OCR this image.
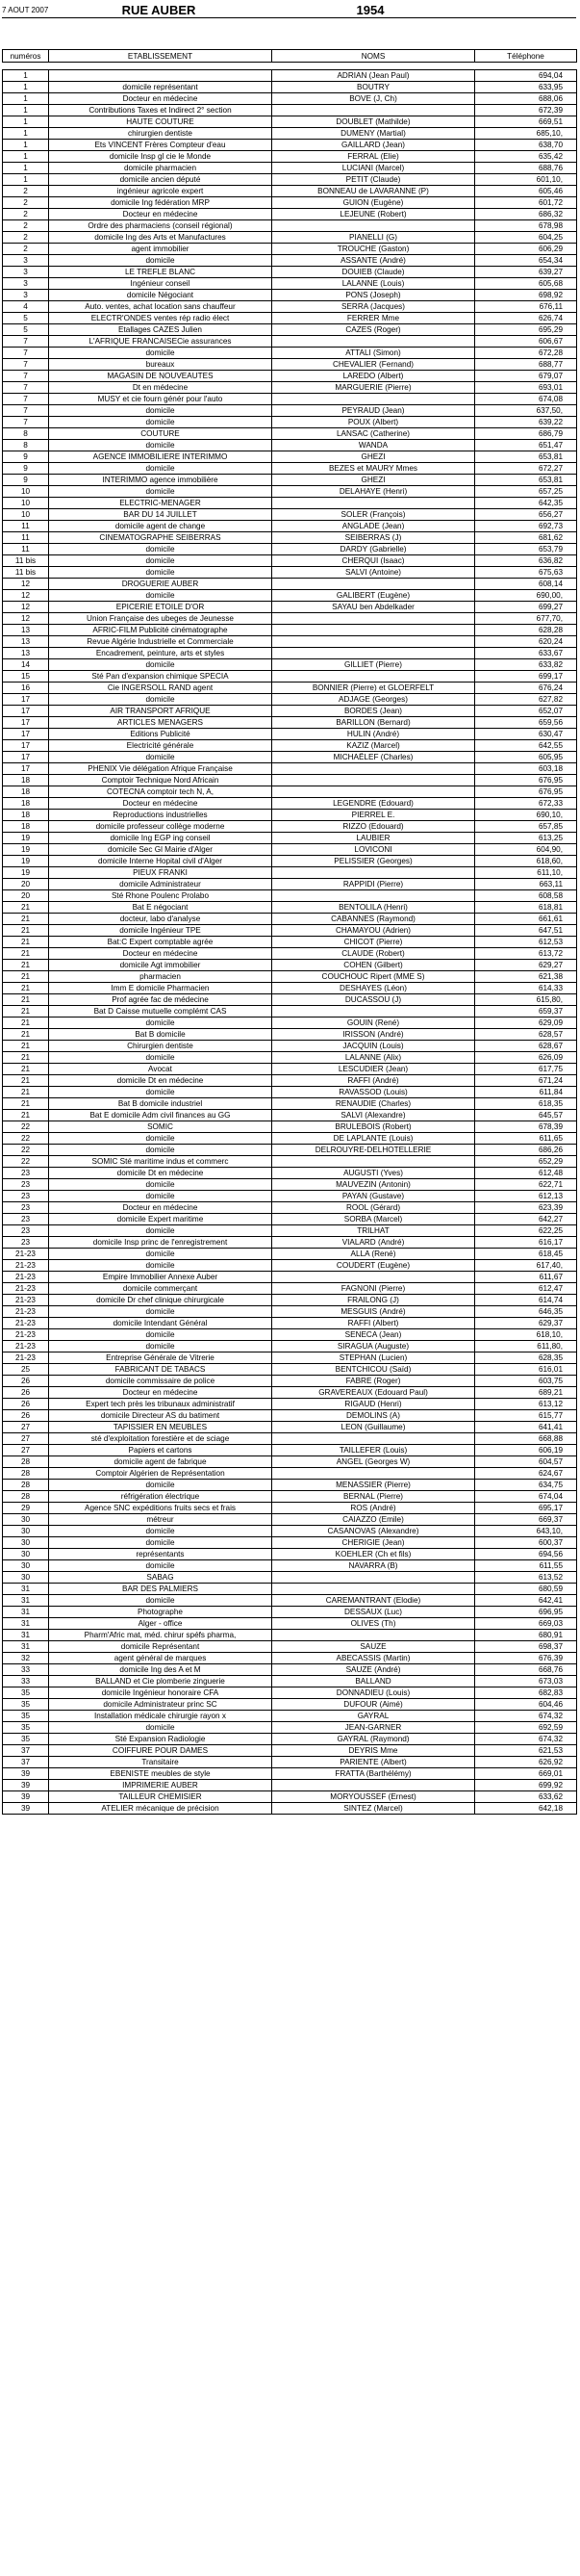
7 AOUT 2007	RUE AUBER	1954
numéros	ETABLISSEMENT	NOMS	Téléphone

1		ADRIAN (Jean Paul)	694,04
1	domicile représentant	BOUTRY	633,95
1	Docteur en médecine	BOVE (J, Ch)	688,06
1	Contributions Taxes et Indirect 2° section		672,39
1	HAUTE COUTURE	DOUBLET (Mathilde)	669,51
1	chirurgien dentiste	DUMENY (Martial)	685,10,
1	Ets VINCENT Frères Compteur d'eau	GAILLARD (Jean)	638,70
1	domicile Insp gl cie le Monde	FERRAL (Elie)	635,42
1	domicile pharmacien	LUCIANI (Marcel)	688,76
1	domicile ancien député	PETIT (Claude)	601,10,
2	ingénieur agricole expert	BONNEAU de LAVARANNE (P)	605,46
2	domicile Ing fédération MRP	GUION (Eugène)	601,72
2	Docteur en médecine	LEJEUNE (Robert)	686,32
2	Ordre des pharmaciens (conseil régional)		678,98
2	domicile Ing des Arts et Manufactures	PIANELLI (G)	604,25
2	agent immobilier	TROUCHE (Gaston)	606,29
3	domicile	ASSANTE (André)	654,34
3	LE TREFLE BLANC	DOUIEB (Claude)	639,27
3	Ingénieur conseil	LALANNE (Louis)	605,68
3	domicile Négociant	PONS (Joseph)	698,92
4	Auto. ventes, achat location sans chauffeur	SERRA (Jacques)	676,11
5	ELECTR'ONDES ventes rép radio élect	FERRER Mme	626,74
5	Etallages CAZES Julien	CAZES (Roger)	695,29
7	L'AFRIQUE FRANCAISECie assurances		606,67
7	domicile	ATTALI (Simon)	672,28
7	bureaux	CHEVALIER (Fernand)	688,77
7	MAGASIN DE NOUVEAUTES	LAREDO (Albert)	679,07
7	Dt en médecine	MARGUERIE (Pierre)	693,01
7	MUSY et cie fourn génér pour l'auto		674,08
7	domicile	PEYRAUD (Jean)	637,50,
7	domicile	POUX (Albert)	639,22
8	COUTURE	LANSAC (Catherine)	686,79
8	domicile	WANDA	651,47
9	AGENCE IMMOBILIERE INTERIMMO	GHEZI	653,81
9	domicile	BEZES et MAURY Mmes	672,27
9	INTERIMMO agence immobilière	GHEZI	653,81
10	domicile	DELAHAYE (Henri)	657,25
10	ELECTRIC-MENAGER		642,35
10	BAR DU 14 JUILLET	SOLER (François)	656,27
11	domicile agent de change	ANGLADE (Jean)	692,73
11	CINEMATOGRAPHE SEIBERRAS	SEIBERRAS (J)	681,62
11	domicile	DARDY (Gabrielle)	653,79
11 bis	domicile	CHERQUI (Isaac)	636,82
11 bis	domicile	SALVI (Antoine)	675,63
12	DROGUERIE AUBER		608,14
12	domicile	GALIBERT (Eugène)	690,00,
12	EPICERIE ETOILE D'OR	SAYAU ben Abdelkader	699,27
12	Union Française des ubeges de Jeunesse		677,70,
13	AFRIC-FILM Publicité cinématographe		628,28
13	Revue Algérie Industrielle et Commerciale		620,24
13	Encadrement, peinture, arts et styles		633,67
14	domicile	GILLIET (Pierre)	633,82
15	Sté Pan d'expansion chimique SPECIA		699,17
16	Cie INGERSOLL RAND agent	BONNIER (Pierre) et GLOERFELT	676,24
17	domicile	ADJAGE (Georges)	627,82
17	AIR TRANSPORT AFRIQUE	BORDES (Jean)	652,07
17	ARTICLES MENAGERS	BARILLON (Bernard)	659,56
17	Editions Publicité	HULIN (André)	630,47
17	Electricité générale	KAZIZ (Marcel)	642,55
17	domicile	MICHAËLEF (Charles)	605,95
17	PHENIX Vie délégation Afrique Française		603,18
18	Comptoir Technique Nord Africain		676,95
18	COTECNA comptoir tech N, A,		676,95
18	Docteur en médecine	LEGENDRE (Edouard)	672,33
18	Reproductions industrielles	PIERREL E.	690,10,
18	domicile professeur collège moderne	RIZZO (Edouard)	657,85
19	domicile Ing EGP ing conseil	LAUBIER	613,25
19	domicile Sec Gl Mairie d'Alger	LOVICONI	604,90,
19	domicile Interne Hopital civil d'Alger	PELISSIER (Georges)	618,60,
19	PIEUX FRANKI		611,10,
20	domicile Administrateur	RAPPIDI (Pierre)	663,11
20	Sté Rhone Poulenc Prolabo		608,58
21	Bat E négociant	BENTOLILA (Henri)	618,81
21	docteur, labo d'analyse	CABANNES (Raymond)	661,61
21	domicile Ingénieur TPE	CHAMAYOU (Adrien)	647,51
21	Bat:C Expert comptable agrée	CHICOT (Pierre)	612,53
21	Docteur en médecine	CLAUDE (Robert)	613,72
21	domicile Agt immobilier	COHEN (Gilbert)	629,27
21	pharmacien	COUCHOUC Ripert (MME S)	621,38
21	Imm E domicile Pharmacien	DESHAYES (Léon)	614,33
21	Prof agrée fac de médecine	DUCASSOU (J)	615,80,
21	Bat D Caisse mutuelle complémt CAS		659,37
21	domicile	GOUIN (René)	629,09
21	Bat B domicile	IRISSON (André)	628,57
21	Chirurgien dentiste	JACQUIN (Louis)	628,67
21	domicile	LALANNE (Alix)	626,09
21	Avocat	LESCUDIER (Jean)	617,75
21	domicile Dt en médecine	RAFFI (André)	671,24
21	domicile	RAVASSOD (Louis)	611,84
21	Bat B domicile industriel	RENAUDIE (Charles)	618,35
21	Bat E domicile Adm civil finances au GG	SALVI (Alexandre)	645,57
22	SOMIC	BRULEBOIS (Robert)	678,39
22	domicile	DE LAPLANTE (Louis)	611,65
22	domicile	DELROUYRE-DELHOTELLERIE	686,26
22	SOMIC Sté maritime indus et commerc		652,29
23	domicile Dt en médecine	AUGUSTI (Yves)	612,48
23	domicile	MAUVEZIN (Antonin)	622,71
23	domicile	PAYAN (Gustave)	612,13
23	Docteur en médecine	ROOL (Gérard)	623,39
23	domicile Expert maritime	SORBA (Marcel)	642,27
23	domicile	TRILHAT	622,25
23	domicile Insp princ de l'enregistrement	VIALARD (André)	616,17
21-23	domicile	ALLA (René)	618,45
21-23	domicile	COUDERT (Eugène)	617,40,
21-23	Empire Immobilier Annexe Auber		611,67
21-23	domicile commerçant	FAGNONI (Pierre)	612,47
21-23	domicile Dr chef clinique chirurgicale	FRAILONG (J)	614,74
21-23	domicile	MESGUIS (André)	646,35
21-23	domicile Intendant Général	RAFFI (Albert)	629,37
21-23	domicile	SENECA (Jean)	618,10,
21-23	domicile	SIRAGUA (Auguste)	611,80,
21-23	Entreprise Générale de Vitrerie	STEPHAN (Lucien)	628,35
25	FABRICANT DE TABACS	BENTCHICOU (Saïd)	616,01
26	domicile commissaire de police	FABRE (Roger)	603,75
26	Docteur en médecine	GRAVEREAUX (Edouard Paul)	689,21
26	Expert tech près les tribunaux administratif	RIGAUD (Henri)	613,12
26	domicile Directeur AS du batiment	DEMOLINS (A)	615,77
27	TAPISSIER EN MEUBLES	LEON (Guillaume)	641,41
27	sté d'exploitation forestière et de sciage		668,88
27	Papiers et cartons	TAILLEFER (Louis)	606,19
28	domicile agent de fabrique	ANGEL (Georges W)	604,57
28	Comptoir Algérien de Représentation		624,67
28	domicile	MENASSIER (Pierre)	634,75
28	réfrigération électrique	BERNAL (Pierre)	674,04
29	Agence SNC expéditions fruits secs et frais	ROS (André)	695,17
30	métreur	CAIAZZO (Emile)	669,37
30	domicile	CASANOVAS (Alexandre)	643,10,
30	domicile	CHERIGIE (Jean)	600,37
30	représentants	KOEHLER (Ch et fils)	694,56
30	domicile	NAVARRA (B)	611,55
30	SABAG		613,52
31	BAR DES PALMIERS		680,59
31	domicile	CAREMANTRANT (Elodie)	642,41
31	Photographe	DESSAUX (Luc)	696,95
31	Alger - office	OLIVES (Th)	669,03
31	Pharm'Afric mat, méd. chirur spéfs pharma,		680,91
31	domicile Représentant	SAUZE	698,37
32	agent général de marques	ABECASSIS (Martin)	676,39
33	domicile Ing des A et M	SAUZE (André)	668,76
33	BALLAND et Cie plomberie zinguerie	BALLAND	673,03
35	domicile Ingénieur honoraire CFA	DONNADIEU (Louis)	682,83
35	domicile Administrateur princ SC	DUFOUR (Aimé)	604,46
35	Installation médicale chirurgie rayon x	GAYRAL	674,32
35	domicile	JEAN-GARNER	692,59
35	Sté Expansion Radiologie	GAYRAL (Raymond)	674,32
37	COIFFURE POUR DAMES	DEYRIS Mme	621,53
37	Transitaire	PARIENTE (Albert)	626,92
39	EBENISTE meubles de style	FRATTA (Barthélémy)	669,01
39	IMPRIMERIE AUBER		699,92
39	TAILLEUR CHEMISIER	MORYOUSSEF (Ernest)	633,62
39	ATELIER mécanique de précision	SINTEZ (Marcel)	642,18
